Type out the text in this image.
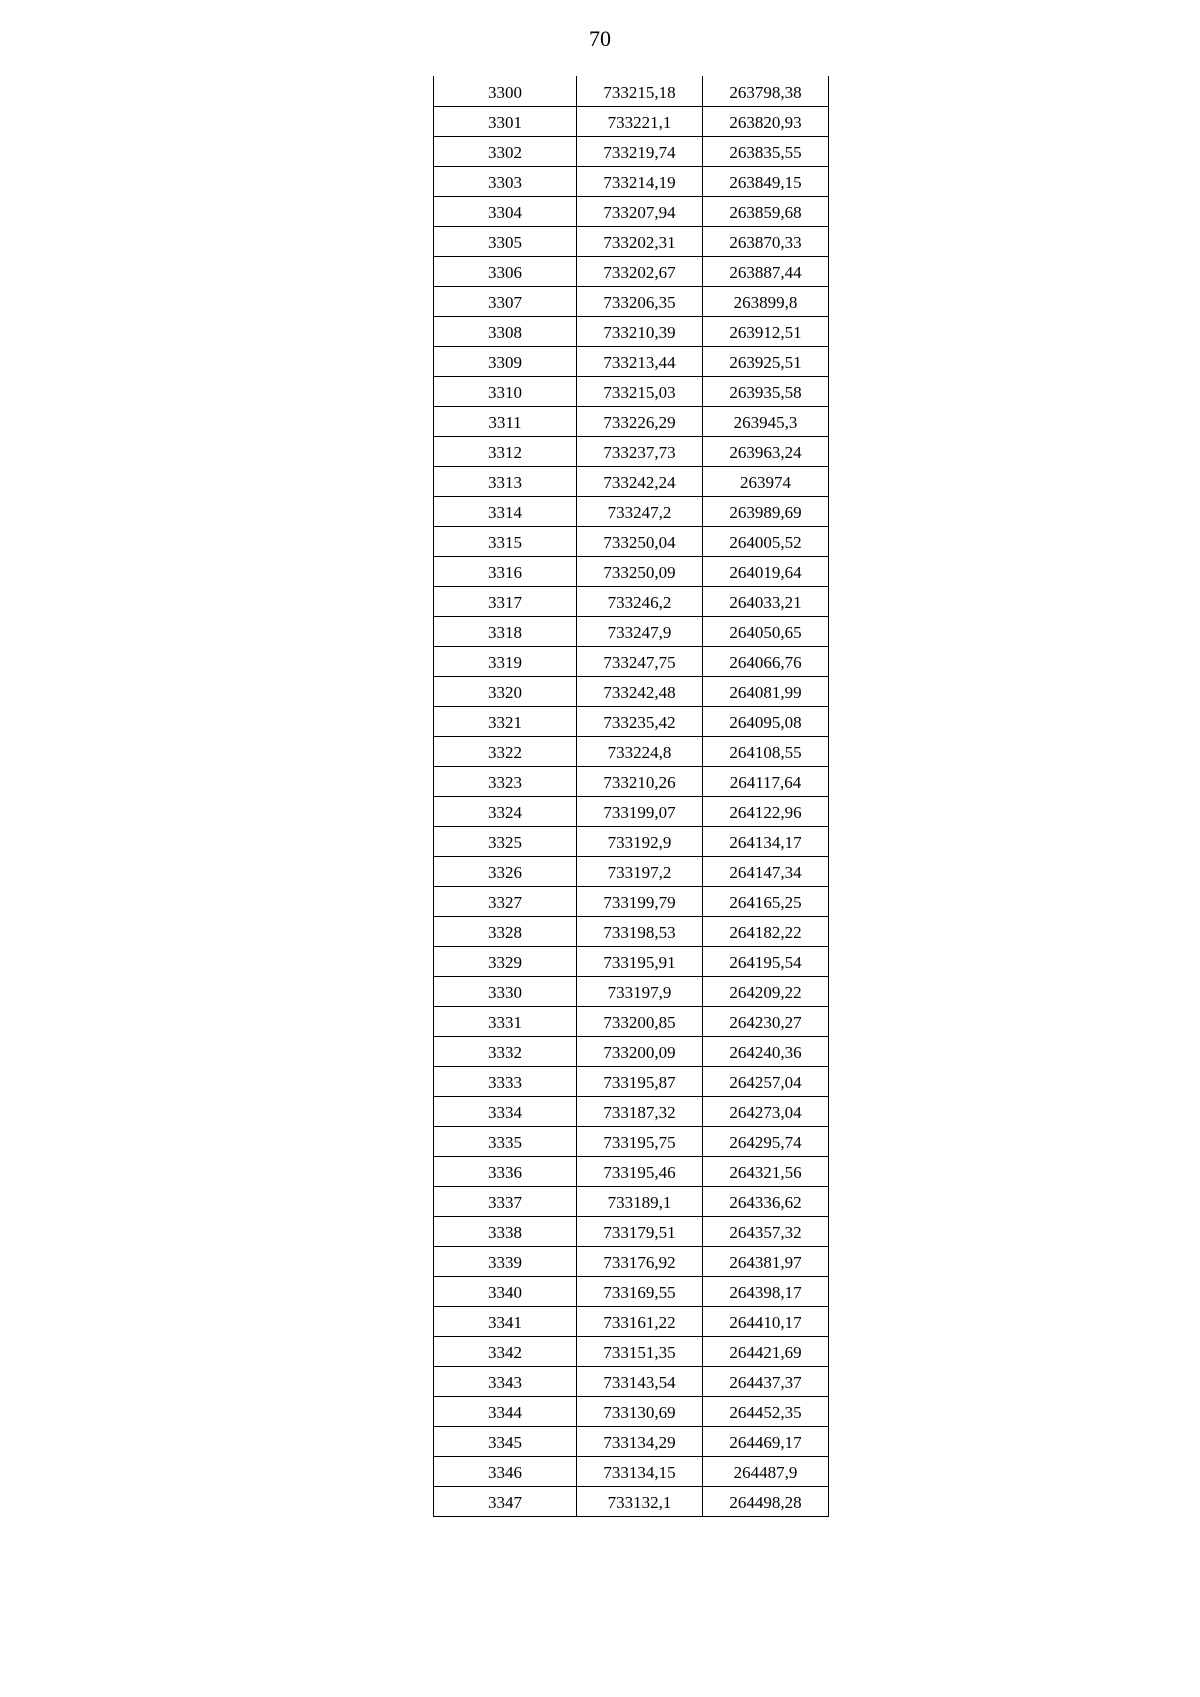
70
3300	733215,18	263798,38
3301	733221,1	263820,93
3302	733219,74	263835,55
3303	733214,19	263849,15
3304	733207,94	263859,68
3305	733202,31	263870,33
3306	733202,67	263887,44
3307	733206,35	263899,8
3308	733210,39	263912,51
3309	733213,44	263925,51
3310	733215,03	263935,58
3311	733226,29	263945,3
3312	733237,73	263963,24
3313	733242,24	263974
3314	733247,2	263989,69
3315	733250,04	264005,52
3316	733250,09	264019,64
3317	733246,2	264033,21
3318	733247,9	264050,65
3319	733247,75	264066,76
3320	733242,48	264081,99
3321	733235,42	264095,08
3322	733224,8	264108,55
3323	733210,26	264117,64
3324	733199,07	264122,96
3325	733192,9	264134,17
3326	733197,2	264147,34
3327	733199,79	264165,25
3328	733198,53	264182,22
3329	733195,91	264195,54
3330	733197,9	264209,22
3331	733200,85	264230,27
3332	733200,09	264240,36
3333	733195,87	264257,04
3334	733187,32	264273,04
3335	733195,75	264295,74
3336	733195,46	264321,56
3337	733189,1	264336,62
3338	733179,51	264357,32
3339	733176,92	264381,97
3340	733169,55	264398,17
3341	733161,22	264410,17
3342	733151,35	264421,69
3343	733143,54	264437,37
3344	733130,69	264452,35
3345	733134,29	264469,17
3346	733134,15	264487,9
3347	733132,1	264498,28
